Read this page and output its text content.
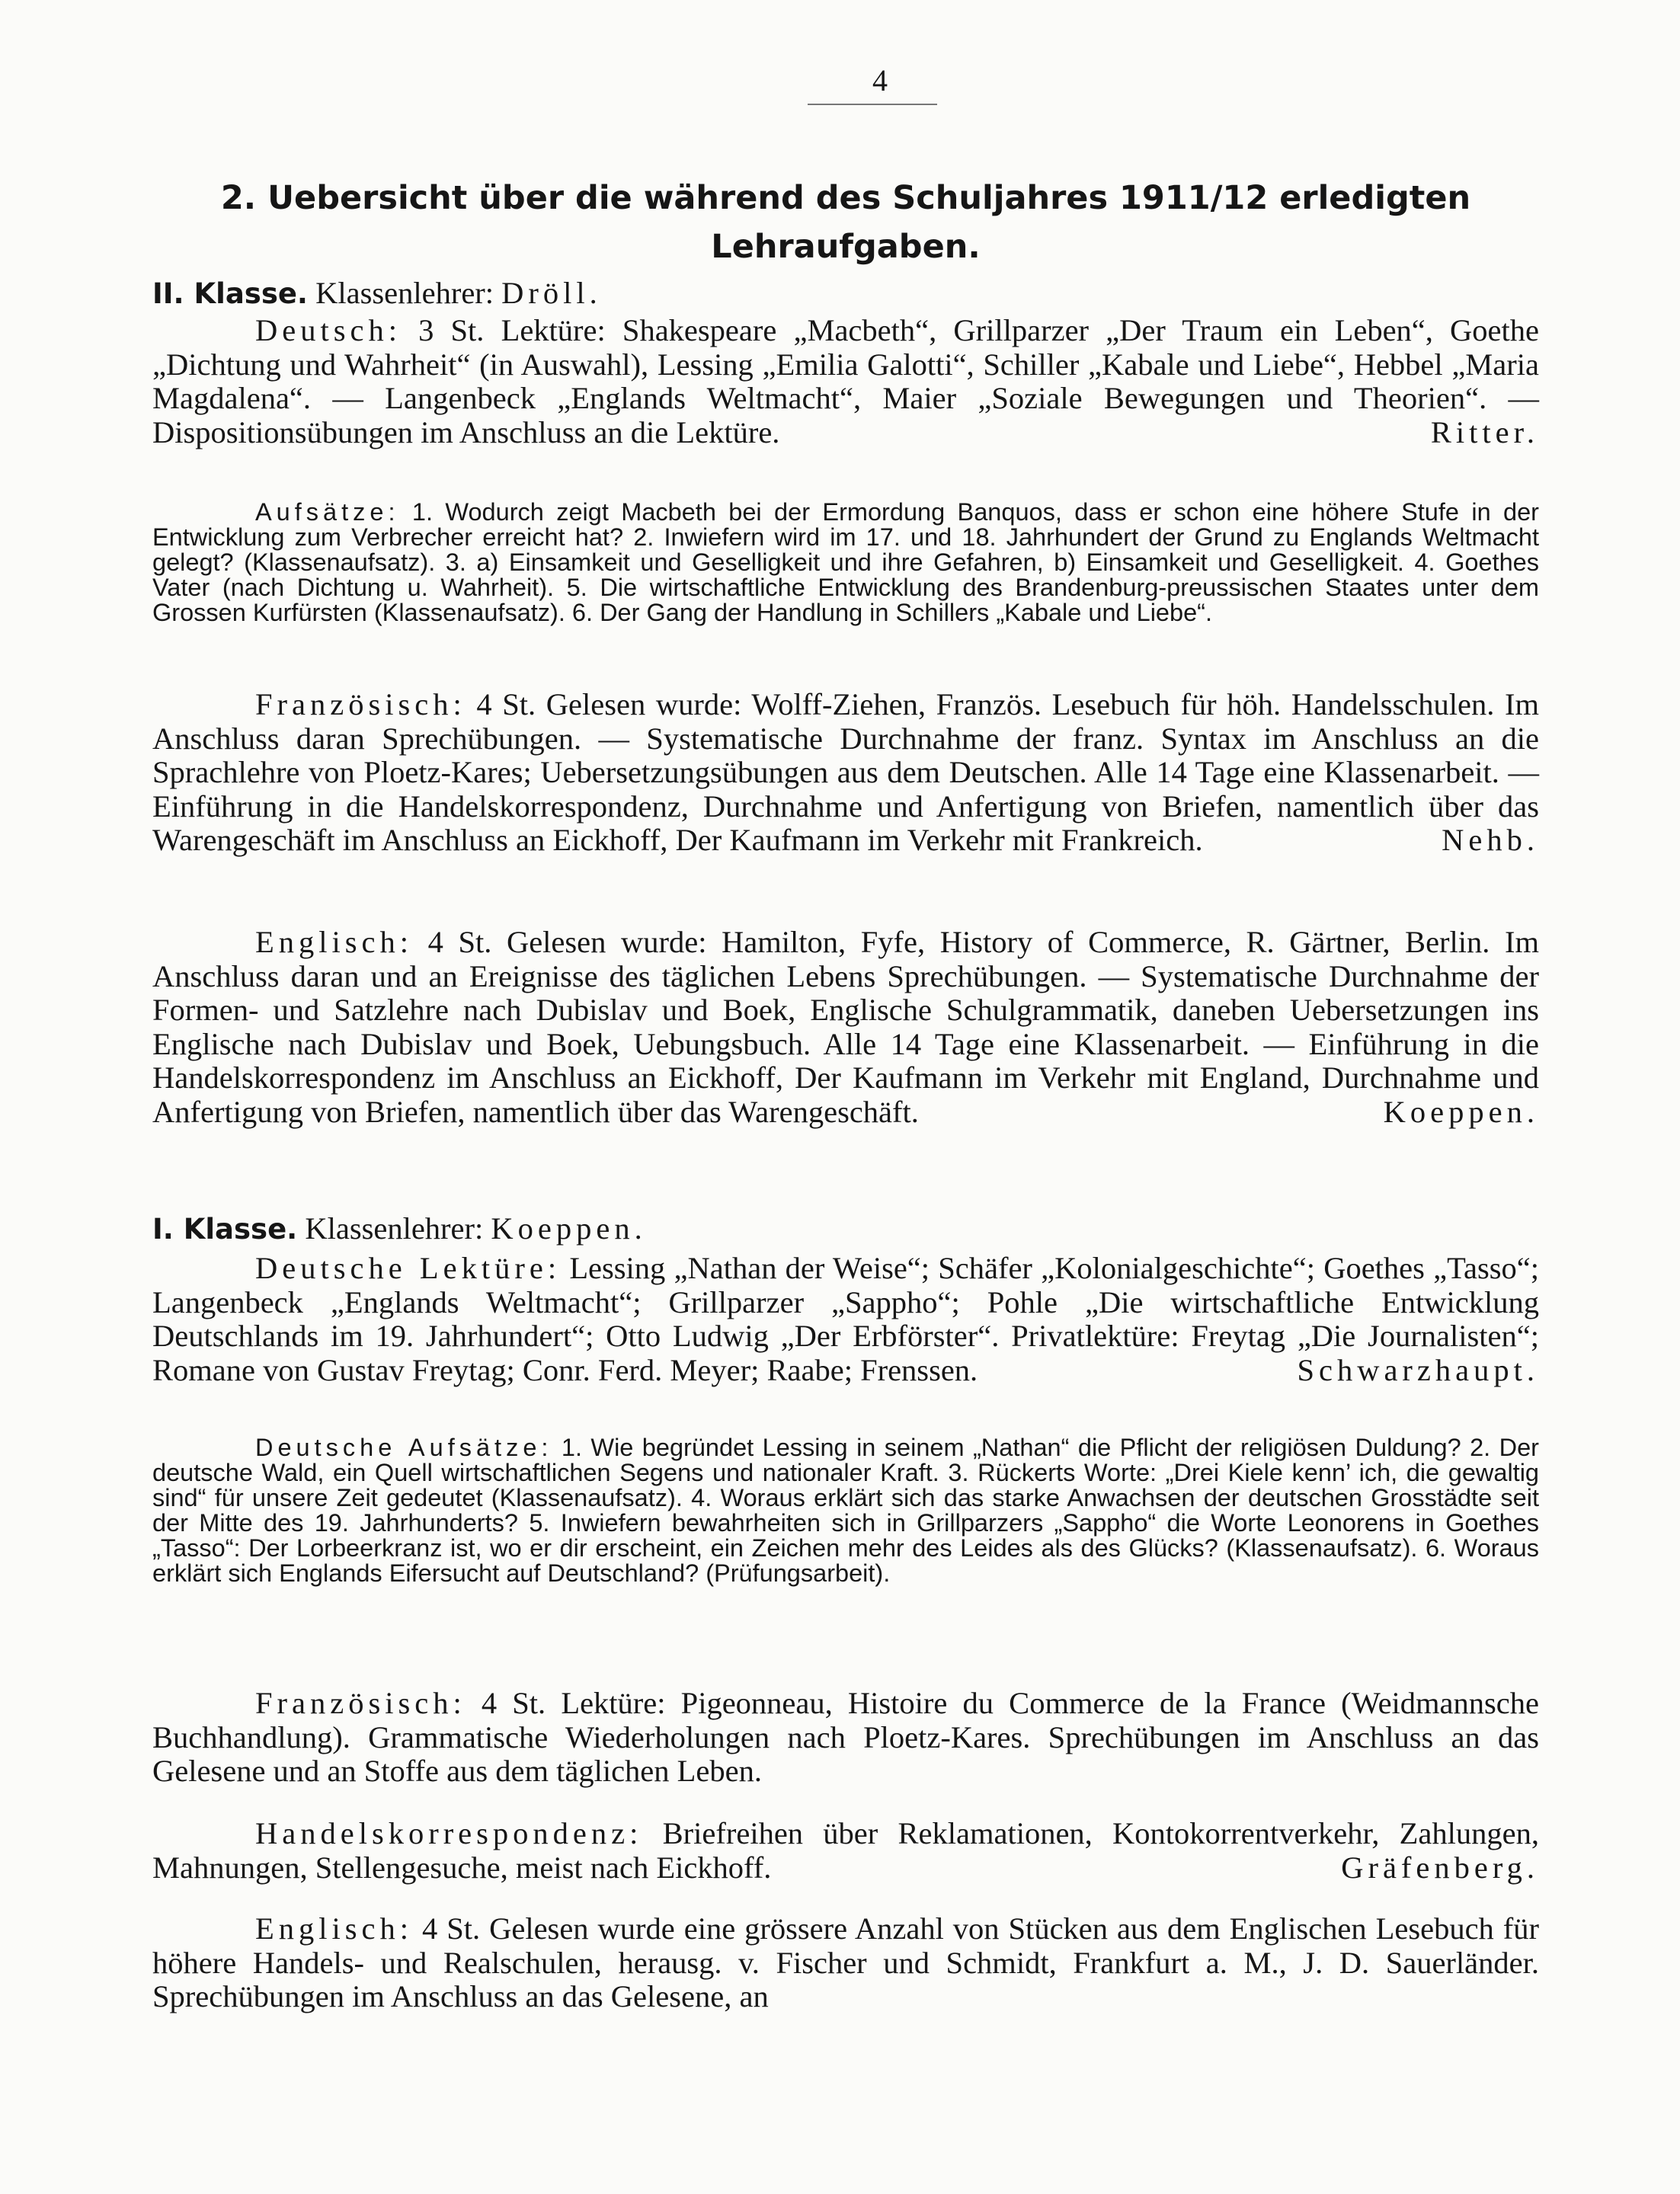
4
2. Uebersicht über die während des Schuljahres 1911/12 erledigten
Lehraufgaben.
II. Klasse. Klassenlehrer: Dröll.
Deutsch: 3 St. Lektüre: Shakespeare „Macbeth“, Grillparzer „Der Traum ein Leben“, Goethe „Dichtung und Wahrheit“ (in Auswahl), Lessing „Emilia Galotti“, Schiller „Kabale und Liebe“, Hebbel „Maria Magdalena“. — Langenbeck „Englands Weltmacht“, Maier „Soziale Bewegungen und Theorien“. — Dispositionsübungen im Anschluss an die Lektüre.	Ritter.
Aufsätze: 1. Wodurch zeigt Macbeth bei der Ermordung Banquos, dass er schon eine höhere Stufe in der Entwicklung zum Verbrecher erreicht hat? 2. Inwiefern wird im 17. und 18. Jahrhundert der Grund zu Englands Weltmacht gelegt? (Klassenaufsatz). 3. a) Einsamkeit und Geselligkeit und ihre Gefahren, b) Einsamkeit und Geselligkeit. 4. Goethes Vater (nach Dichtung u. Wahrheit). 5. Die wirtschaftliche Entwicklung des Brandenburg-preussischen Staates unter dem Grossen Kurfürsten (Klassenaufsatz). 6. Der Gang der Handlung in Schillers „Kabale und Liebe“.
Französisch: 4 St. Gelesen wurde: Wolff-Ziehen, Französ. Lesebuch für höh. Handelsschulen. Im Anschluss daran Sprechübungen. — Systematische Durchnahme der franz. Syntax im Anschluss an die Sprachlehre von Ploetz-Kares; Uebersetzungsübungen aus dem Deutschen. Alle 14 Tage eine Klassenarbeit. — Einführung in die Handelskorrespondenz, Durchnahme und Anfertigung von Briefen, namentlich über das Warengeschäft im Anschluss an Eickhoff, Der Kaufmann im Verkehr mit Frankreich.	Nehb.
Englisch: 4 St. Gelesen wurde: Hamilton, Fyfe, History of Commerce, R. Gärtner, Berlin. Im Anschluss daran und an Ereignisse des täglichen Lebens Sprechübungen. — Systematische Durchnahme der Formen- und Satzlehre nach Dubislav und Boek, Englische Schulgrammatik, daneben Uebersetzungen ins Englische nach Dubislav und Boek, Uebungsbuch. Alle 14 Tage eine Klassenarbeit. — Einführung in die Handelskorrespondenz im Anschluss an Eickhoff, Der Kaufmann im Verkehr mit England, Durchnahme und Anfertigung von Briefen, namentlich über das Warengeschäft.	Koeppen.
I. Klasse. Klassenlehrer: Koeppen.
Deutsche Lektüre: Lessing „Nathan der Weise“; Schäfer „Kolonialgeschichte“; Goethes „Tasso“; Langenbeck „Englands Weltmacht“; Grillparzer „Sappho“; Pohle „Die wirtschaftliche Entwicklung Deutschlands im 19. Jahrhundert“; Otto Ludwig „Der Erbförster“. Privatlektüre: Freytag „Die Journalisten“; Romane von Gustav Freytag; Conr. Ferd. Meyer; Raabe; Frenssen.	Schwarzhaupt.
Deutsche Aufsätze: 1. Wie begründet Lessing in seinem „Nathan“ die Pflicht der religiösen Duldung? 2. Der deutsche Wald, ein Quell wirtschaftlichen Segens und nationaler Kraft. 3. Rückerts Worte: „Drei Kiele kenn’ ich, die gewaltig sind“ für unsere Zeit gedeutet (Klassenaufsatz). 4. Woraus erklärt sich das starke Anwachsen der deutschen Grosstädte seit der Mitte des 19. Jahrhunderts? 5. Inwiefern bewahrheiten sich in Grillparzers „Sappho“ die Worte Leonorens in Goethes „Tasso“: Der Lorbeerkranz ist, wo er dir erscheint, ein Zeichen mehr des Leides als des Glücks? (Klassenaufsatz). 6. Woraus erklärt sich Englands Eifersucht auf Deutschland? (Prüfungsarbeit).
Französisch: 4 St. Lektüre: Pigeonneau, Histoire du Commerce de la France (Weidmannsche Buchhandlung). Grammatische Wiederholungen nach Ploetz-Kares. Sprechübungen im Anschluss an das Gelesene und an Stoffe aus dem täglichen Leben.
Handelskorrespondenz: Briefreihen über Reklamationen, Kontokorrentverkehr, Zahlungen, Mahnungen, Stellengesuche, meist nach Eickhoff.	Gräfenberg.
Englisch: 4 St. Gelesen wurde eine grössere Anzahl von Stücken aus dem Englischen Lesebuch für höhere Handels- und Realschulen, herausg. v. Fischer und Schmidt, Frankfurt a. M., J. D. Sauerländer. Sprechübungen im Anschluss an das Gelesene, an
